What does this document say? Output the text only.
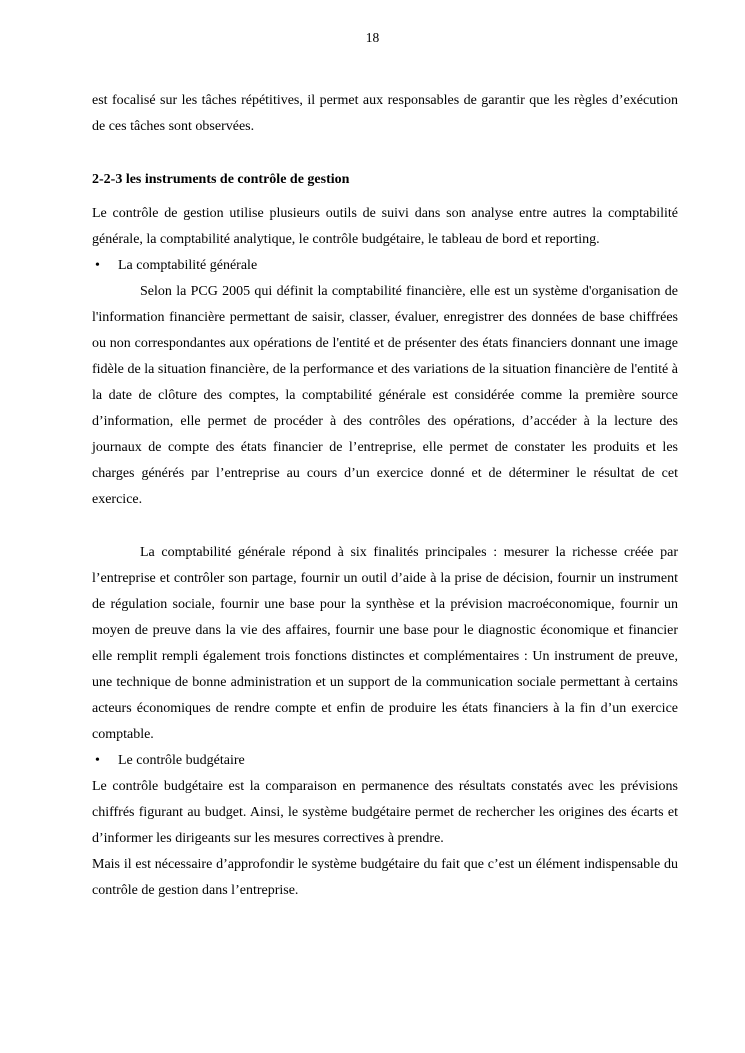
18

est focalisé sur les tâches répétitives, il permet aux responsables de garantir que les règles d’exécution de ces tâches sont observées.

2-2-3 les instruments de contrôle de gestion

Le contrôle de gestion utilise plusieurs outils de suivi dans son analyse entre autres la comptabilité générale, la comptabilité analytique, le contrôle budgétaire, le tableau de bord et reporting.

• La comptabilité générale

Selon la PCG 2005 qui définit la comptabilité financière, elle est un système d'organisation de l'information financière permettant de saisir, classer, évaluer, enregistrer des données de base chiffrées ou non correspondantes aux opérations de l'entité et de présenter des états financiers donnant une image fidèle de la situation financière, de la performance et des variations de la situation financière de l'entité à la date de clôture des comptes, la comptabilité générale est considérée comme la première source d’information, elle permet de procéder à des contrôles des opérations, d’accéder à la lecture des journaux de compte des états financier de l’entreprise, elle permet de constater les produits et les charges générés par l’entreprise au cours d’un exercice donné et de déterminer le résultat de cet exercice.

La comptabilité générale répond à six finalités principales : mesurer la richesse créée par l’entreprise et contrôler son partage, fournir un outil d’aide à la prise de décision, fournir un instrument de régulation sociale, fournir une base pour la synthèse et la prévision macroéconomique, fournir un moyen de preuve dans la vie des affaires, fournir une base pour le diagnostic économique et financier elle remplit rempli également trois fonctions distinctes et complémentaires : Un instrument de preuve, une technique de bonne administration et un support de la communication sociale permettant à certains acteurs économiques de rendre compte et enfin de produire les états financiers à la fin d’un exercice comptable.

• Le contrôle budgétaire

Le contrôle budgétaire est la comparaison en permanence des résultats constatés avec les prévisions chiffrés figurant au budget. Ainsi, le système budgétaire permet de rechercher les origines des écarts et d’informer les dirigeants sur les mesures correctives à prendre.

Mais il est nécessaire d’approfondir le système budgétaire du fait que c’est un élément indispensable du contrôle de gestion dans l’entreprise.
